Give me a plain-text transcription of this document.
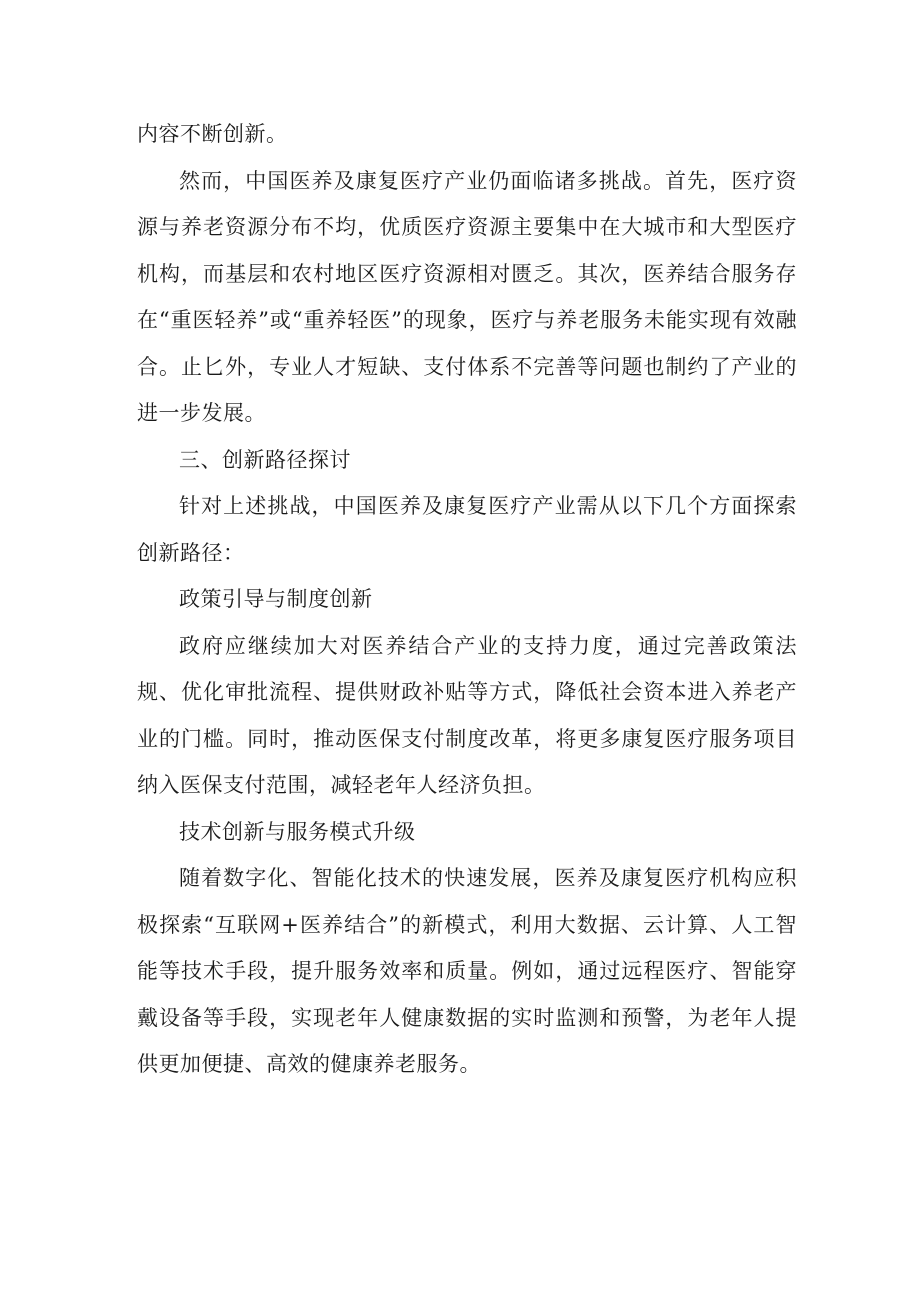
内容不断创新。

然而，中国医养及康复医疗产业仍面临诸多挑战。首先，医疗资源与养老资源分布不均，优质医疗资源主要集中在大城市和大型医疗机构，而基层和农村地区医疗资源相对匮乏。其次，医养结合服务存在“重医轻养”或“重养轻医”的现象，医疗与养老服务未能实现有效融合。止匕外，专业人才短缺、支付体系不完善等问题也制约了产业的进一步发展。

三、创新路径探讨

针对上述挑战，中国医养及康复医疗产业需从以下几个方面探索创新路径：

政策引导与制度创新

政府应继续加大对医养结合产业的支持力度，通过完善政策法规、优化审批流程、提供财政补贴等方式，降低社会资本进入养老产业的门槛。同时，推动医保支付制度改革，将更多康复医疗服务项目纳入医保支付范围，减轻老年人经济负担。

技术创新与服务模式升级

随着数字化、智能化技术的快速发展，医养及康复医疗机构应积极探索“互联网+医养结合”的新模式，利用大数据、云计算、人工智能等技术手段，提升服务效率和质量。例如，通过远程医疗、智能穿戴设备等手段，实现老年人健康数据的实时监测和预警，为老年人提供更加便捷、高效的健康养老服务。
